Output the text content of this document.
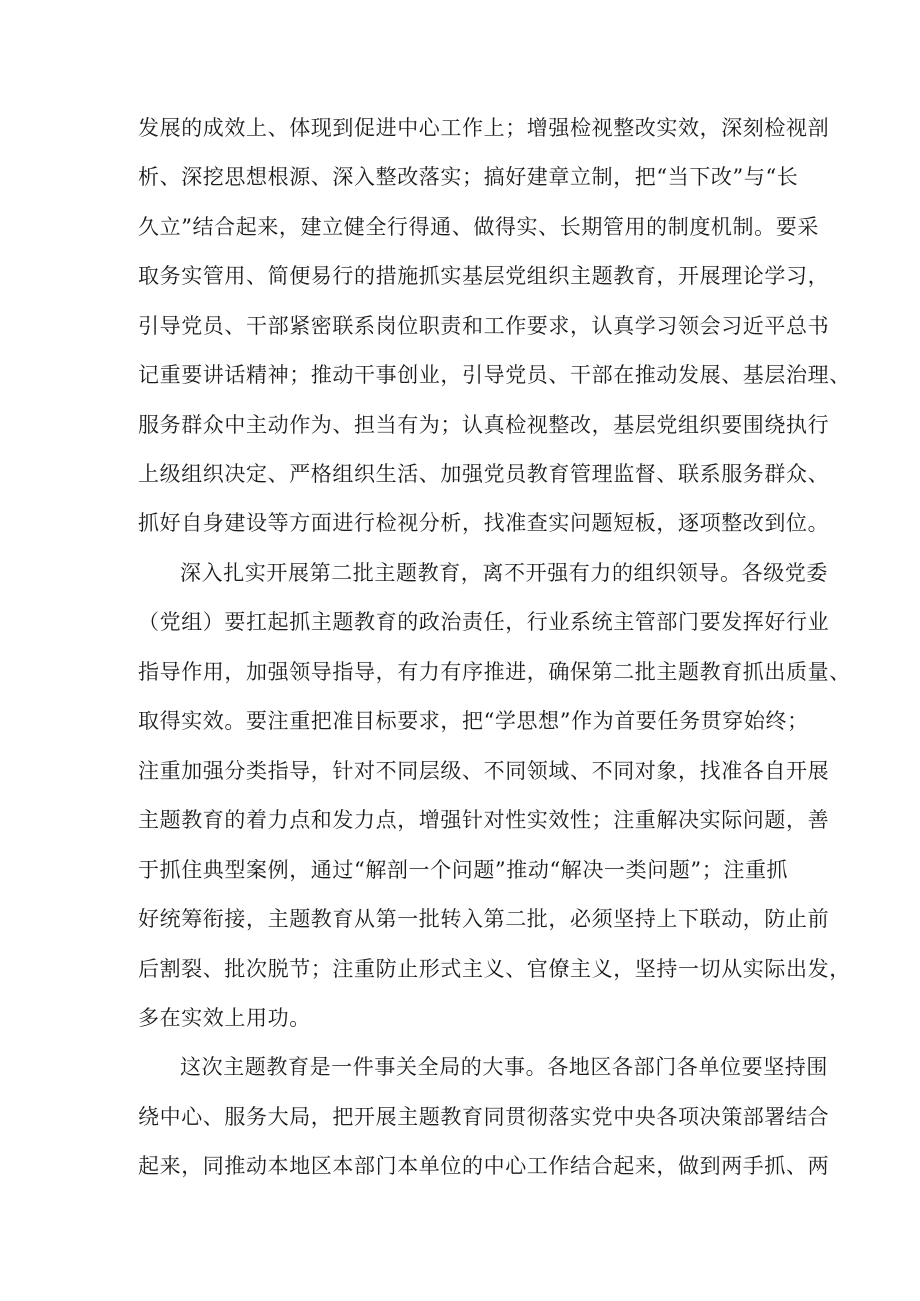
发展的成效上、体现到促进中心工作上；增强检视整改实效，深刻检视剖
析、深挖思想根源、深入整改落实；搞好建章立制，把“当下改”与“长
久立”结合起来，建立健全行得通、做得实、长期管用的制度机制。要采
取务实管用、简便易行的措施抓实基层党组织主题教育，开展理论学习，
引导党员、干部紧密联系岗位职责和工作要求，认真学习领会习近平总书
记重要讲话精神；推动干事创业，引导党员、干部在推动发展、基层治理、
服务群众中主动作为、担当有为；认真检视整改，基层党组织要围绕执行
上级组织决定、严格组织生活、加强党员教育管理监督、联系服务群众、
抓好自身建设等方面进行检视分析，找准查实问题短板，逐项整改到位。
深入扎实开展第二批主题教育，离不开强有力的组织领导。各级党委
（党组）要扛起抓主题教育的政治责任，行业系统主管部门要发挥好行业
指导作用，加强领导指导，有力有序推进，确保第二批主题教育抓出质量、
取得实效。要注重把准目标要求，把“学思想”作为首要任务贯穿始终；
注重加强分类指导，针对不同层级、不同领域、不同对象，找准各自开展
主题教育的着力点和发力点，增强针对性实效性；注重解决实际问题，善
于抓住典型案例，通过“解剖一个问题”推动“解决一类问题”；注重抓
好统筹衔接，主题教育从第一批转入第二批，必须坚持上下联动，防止前
后割裂、批次脱节；注重防止形式主义、官僚主义，坚持一切从实际出发，
多在实效上用功。
这次主题教育是一件事关全局的大事。各地区各部门各单位要坚持围
绕中心、服务大局，把开展主题教育同贯彻落实党中央各项决策部署结合
起来，同推动本地区本部门本单位的中心工作结合起来，做到两手抓、两
